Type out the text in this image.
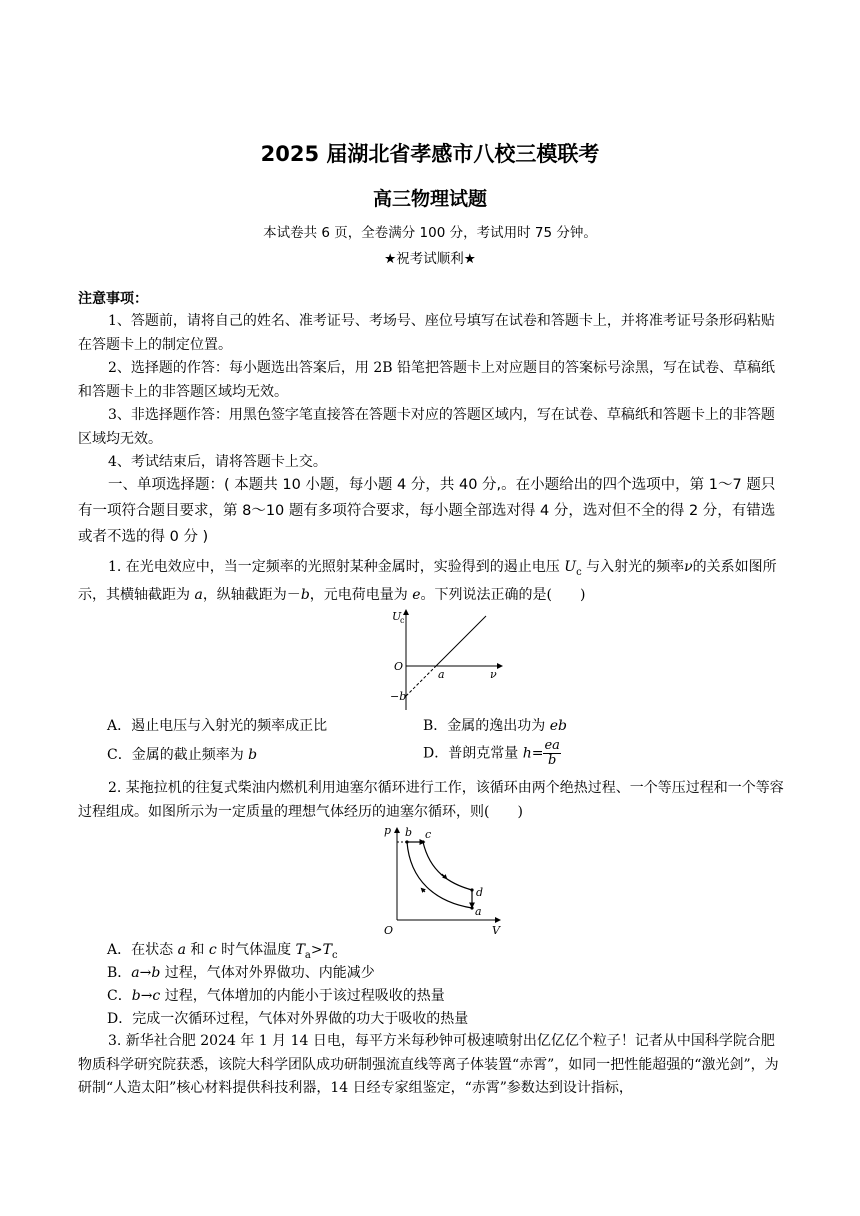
2025 届湖北省孝感市八校三模联考
高三物理试题
本试卷共 6 页，全卷满分 100 分，考试用时 75 分钟。
★祝考试顺利★
注意事项：

1、答题前，请将自己的姓名、准考证号、考场号、座位号填写在试卷和答题卡上，并将准考证号条形码粘贴在答题卡上的制定位置。

2、选择题的作答：每小题选出答案后，用 2B 铅笔把答题卡上对应题目的答案标号涂黑，写在试卷、草稿纸和答题卡上的非答题区域均无效。

3、非选择题作答：用黑色签字笔直接答在答题卡对应的答题区域内，写在试卷、草稿纸和答题卡上的非答题区域均无效。

4、考试结束后，请将答题卡上交。

一、单项选择题：( 本题共 10 小题，每小题 4 分，共 40 分,。在小题给出的四个选项中，第 1～7 题只有一项符合题目要求，第 8～10 题有多项符合要求，每小题全部选对得 4 分，选对但不全的得 2 分，有错选或者不选的得 0 分 )

1. 在光电效应中，当一定频率的光照射某种金属时，实验得到的遏止电压 $U_c$ 与入射光的频率ν的关系如图所示，其横轴截距为 a，纵轴截距为－b，元电荷电量为 e。下列说法正确的是(　　)

U
c
O
ν
a
−b
A．遏止电压与入射光的频率成正比	B．金属的逸出功为 eb
C．金属的截止频率为 b	D．普朗克常量 $h= \frac{ea}{b}$

2. 某拖拉机的往复式柴油内燃机利用迪塞尔循环进行工作，该循环由两个绝热过程、一个等压过程和一个等容过程组成。如图所示为一定质量的理想气体经历的迪塞尔循环，则(　　)

p
V
O
b c
d
a
A．在状态 a 和 c 时气体温度 $T_a>T_c$
B．a→b 过程，气体对外界做功、内能减少
C．b→c 过程，气体增加的内能小于该过程吸收的热量
D．完成一次循环过程，气体对外界做的功大于吸收的热量

3. 新华社合肥 2024 年 1 月 14 日电，每平方米每秒钟可极速喷射出亿亿亿个粒子！记者从中国科学院合肥物质科学研究院获悉，该院大科学团队成功研制强流直线等离子体装置“赤霄”，如同一把性能超强的“激光剑”，为研制“人造太阳”核心材料提供科技利器，14 日经专家组鉴定，“赤霄”参数达到设计指标，
